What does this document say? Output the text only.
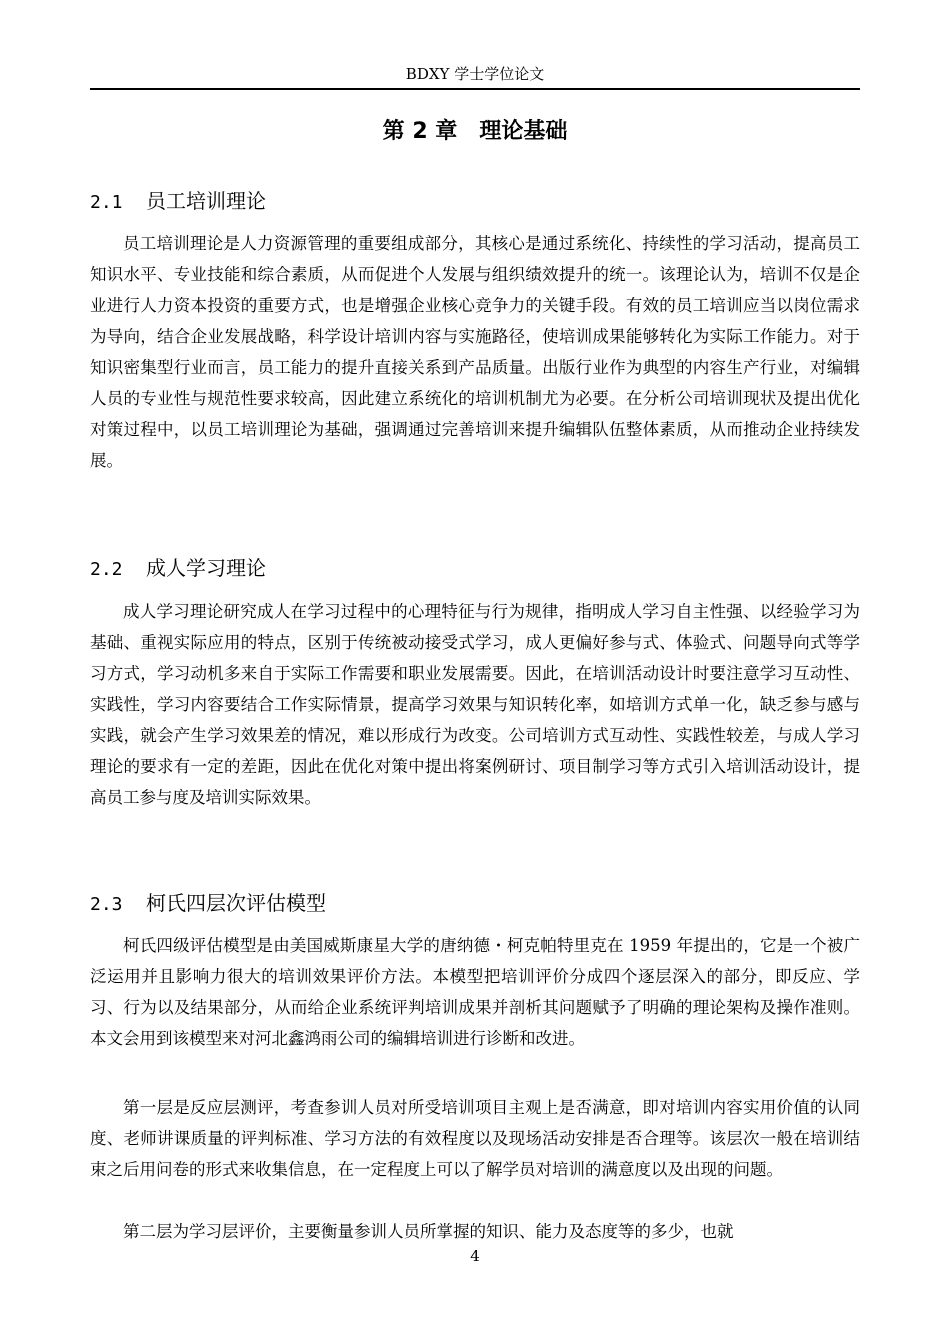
BDXY 学士学位论文
第 2 章 理论基础
2.1 员工培训理论

员工培训理论是人力资源管理的重要组成部分，其核心是通过系统化、持续性的学习活动，提高员工知识水平、专业技能和综合素质，从而促进个人发展与组织绩效提升的统一。该理论认为，培训不仅是企业进行人力资本投资的重要方式，也是增强企业核心竞争力的关键手段。有效的员工培训应当以岗位需求为导向，结合企业发展战略，科学设计培训内容与实施路径，使培训成果能够转化为实际工作能力。对于知识密集型行业而言，员工能力的提升直接关系到产品质量。出版行业作为典型的内容生产行业，对编辑人员的专业性与规范性要求较高，因此建立系统化的培训机制尤为必要。在分析公司培训现状及提出优化对策过程中，以员工培训理论为基础，强调通过完善培训来提升编辑队伍整体素质，从而推动企业持续发展。

2.2 成人学习理论

成人学习理论研究成人在学习过程中的心理特征与行为规律，指明成人学习自主性强、以经验学习为基础、重视实际应用的特点，区别于传统被动接受式学习，成人更偏好参与式、体验式、问题导向式等学习方式，学习动机多来自于实际工作需要和职业发展需要。因此，在培训活动设计时要注意学习互动性、实践性，学习内容要结合工作实际情景，提高学习效果与知识转化率，如培训方式单一化，缺乏参与感与实践，就会产生学习效果差的情况，难以形成行为改变。公司培训方式互动性、实践性较差，与成人学习理论的要求有一定的差距，因此在优化对策中提出将案例研讨、项目制学习等方式引入培训活动设计，提高员工参与度及培训实际效果。

2.3 柯氏四层次评估模型

柯氏四级评估模型是由美国威斯康星大学的唐纳德・柯克帕特里克在 1959 年提出的，它是一个被广泛运用并且影响力很大的培训效果评价方法。本模型把培训评价分成四个逐层深入的部分，即反应、学习、行为以及结果部分，从而给企业系统评判培训成果并剖析其问题赋予了明确的理论架构及操作准则。本文会用到该模型来对河北鑫鸿雨公司的编辑培训进行诊断和改进。

第一层是反应层测评，考查参训人员对所受培训项目主观上是否满意，即对培训内容实用价值的认同度、老师讲课质量的评判标准、学习方法的有效程度以及现场活动安排是否合理等。该层次一般在培训结束之后用问卷的形式来收集信息，在一定程度上可以了解学员对培训的满意度以及出现的问题。

第二层为学习层评价，主要衡量参训人员所掌握的知识、能力及态度等的多少，也就

4
